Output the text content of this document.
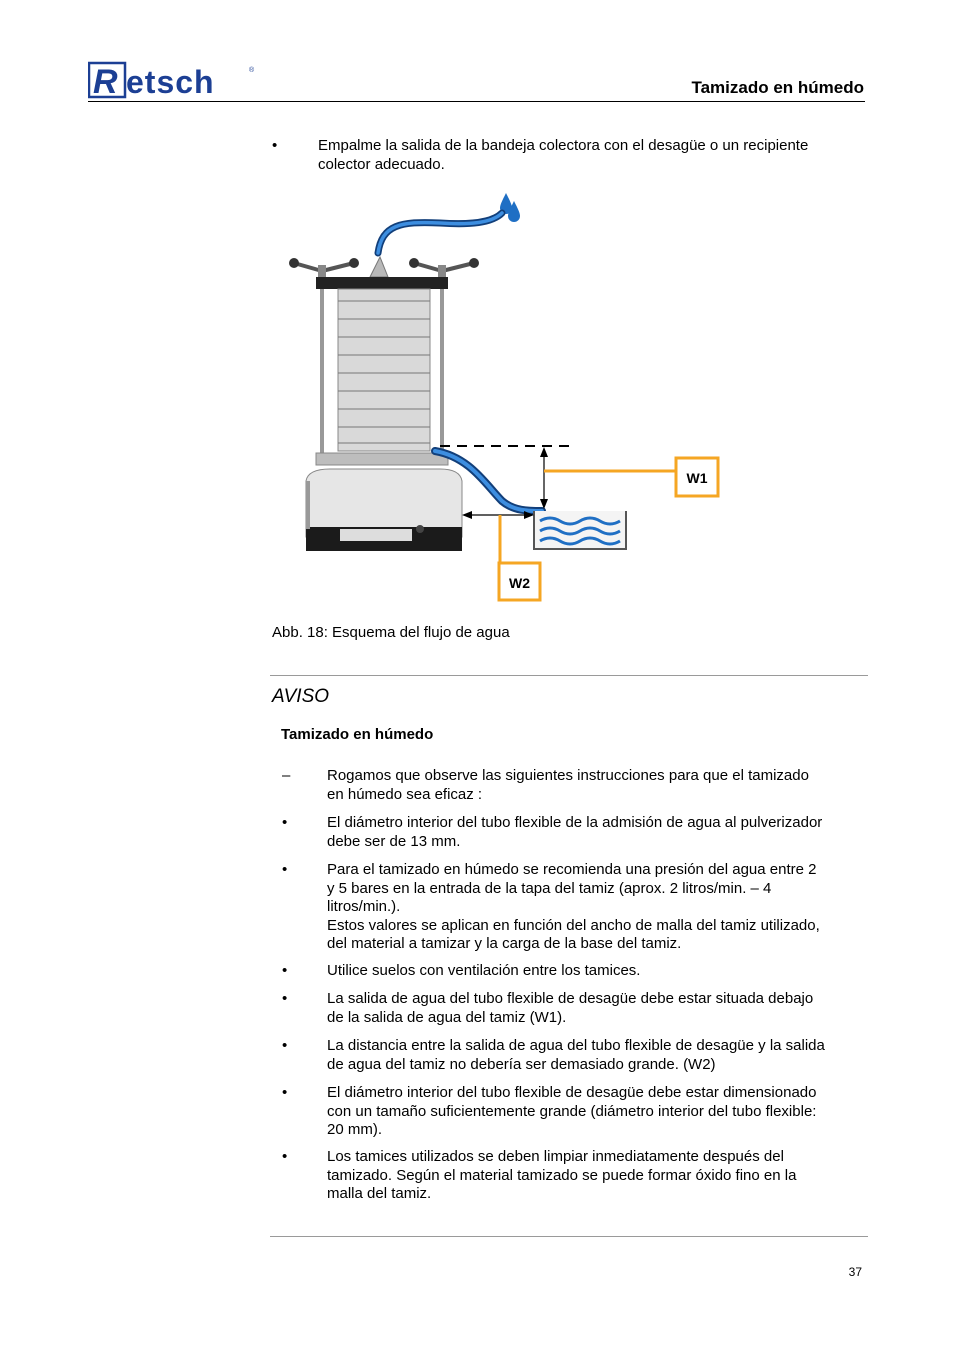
R etsch	®
Tamizado en húmedo
•	Empalme la salida de la bandeja colectora con el desagüe o un recipiente
colector adecuado.
W1
W2
Abb. 18: Esquema del flujo de agua
AVISO
Tamizado en húmedo
– Rogamos que observe las siguientes instrucciones para que el tamizado
en húmedo sea eficaz :
•	El diámetro interior del tubo flexible de la admisión de agua al pulverizador
debe ser de 13 mm.
•	Para el tamizado en húmedo se recomienda una presión del agua entre 2
y 5 bares en la entrada de la tapa del tamiz (aprox. 2 litros/min. – 4
litros/min.).
Estos valores se aplican en función del ancho de malla del tamiz utilizado,
del material a tamizar y la carga de la base del tamiz.
•	Utilice suelos con ventilación entre los tamices.
•	La salida de agua del tubo flexible de desagüe debe estar situada debajo
de la salida de agua del tamiz (W1).
•	La distancia entre la salida de agua del tubo flexible de desagüe y la salida
de agua del tamiz no debería ser demasiado grande. (W2)
•	El diámetro interior del tubo flexible de desagüe debe estar dimensionado
con un tamaño suficientemente grande (diámetro interior del tubo flexible:
20 mm).
•	Los tamices utilizados se deben limpiar inmediatamente después del
tamizado. Según el material tamizado se puede formar óxido fino en la
malla del tamiz.
37
